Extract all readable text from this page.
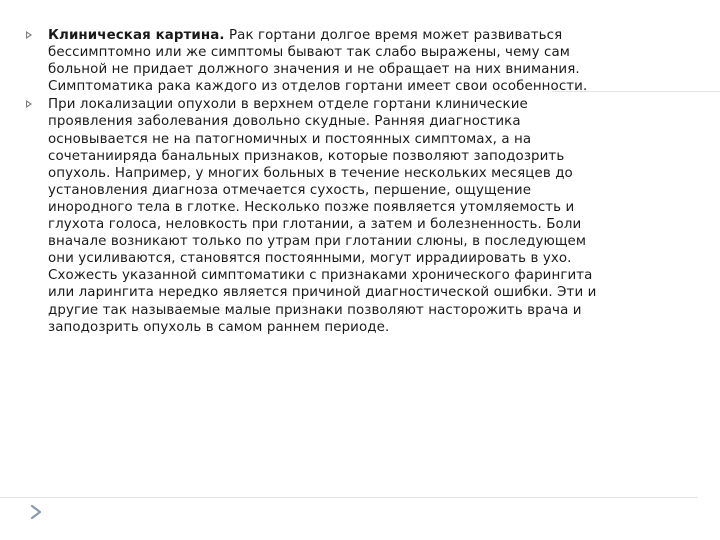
Клиническая картина. Рак гортани долгое время может развиваться бессимптомно или же симптомы бывают так слабо выражены, чему сам больной не придает должного значения и не обращает на них внимания. Симптоматика рака каждого из отделов гортани имеет свои особенности.

При локализации опухоли в верхнем отделе гортани клинические проявления заболевания довольно скудные. Ранняя диагностика основывается не на патогномичных и постоянных симптомах, а на сочетанииряда банальных признаков, которые позволяют заподозрить опухоль. Например, у многих больных в течение нескольких месяцев до установления диагноза отмечается сухость, першение, ощущение инородного тела в глотке. Несколько позже появляется утомляемость и глухота голоса, неловкость при глотании, а затем и болезненность. Боли вначале возникают только по утрам при глотании слюны, в последующем они усиливаются, становятся постоянными, могут иррадиировать в ухо. Схожесть указанной симптоматики с признаками хронического фарингита или ларингита нередко является причиной диагностической ошибки. Эти и другие так называемые малые признаки позволяют насторожить врача и заподозрить опухоль в самом раннем периоде.
